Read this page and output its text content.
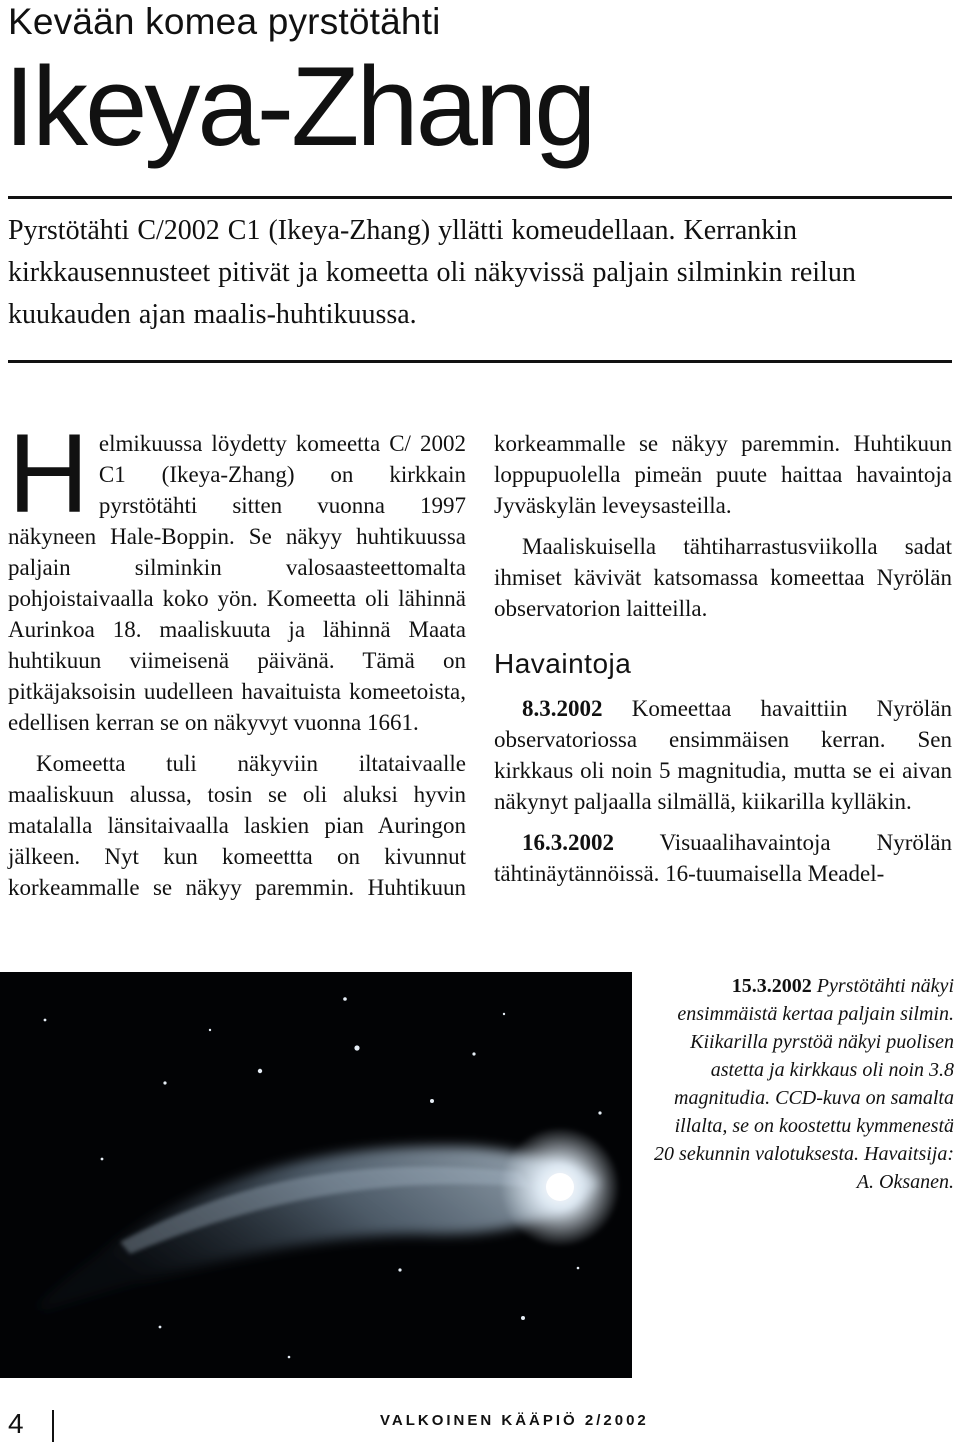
Kevään komea pyrstötähti
Ikeya-Zhang
Pyrstötähti C/2002 C1 (Ikeya-Zhang) yllätti komeudellaan. Kerrankin kirkkausennusteet pitivät ja komeetta oli näkyvissä paljain silminkin reilun kuukauden ajan maalis-huhtikuussa.

Helmikuussa löydetty komeetta C/ 2002 C1 (Ikeya-Zhang) on kirkkain pyrstötähti sitten vuonna 1997 näkyneen Hale-Boppin. Se näkyy huhtikuussa paljain silminkin valosaasteettomalta pohjoistaivaalla koko yön. Komeetta oli lähinnä Aurinkoa 18. maaliskuuta ja lähinnä Maata huhtikuun viimeisenä päivänä. Tämä on pitkäjaksoisin uudelleen havaituista komeetoista, edellisen kerran se on näkyvyt vuonna 1661.

Komeetta tuli näkyviin iltataivaalle maaliskuun alussa, tosin se oli aluksi hyvin matalalla länsitaivaalla laskien pian Auringon jälkeen. Nyt kun komeettta on kivunnut korkeammalle se näkyy paremmin. Huhtikuun

korkeammalle se näkyy paremmin. Huhtikuun loppupuolella pimeän puute haittaa havaintoja Jyväskylän leveysasteilla.

Maaliskuisella tähtiharrastusviikolla sadat ihmiset kävivät katsomassa komeettaa Nyrölän observatorion laitteilla.

Havaintoja

8.3.2002 Komeettaa havaittiin Nyrölän observatoriossa ensimmäisen kerran. Sen kirkkaus oli noin 5 magnitudia, mutta se ei aivan näkynyt paljaalla silmällä, kiikarilla kylläkin.

16.3.2002 Visuaalihavaintoja Nyrölän tähtinäytännöissä. 16-tuumaisella Meadel-

15.3.2002 Pyrstötähti näkyi ensimmäistä kertaa paljain silmin. Kiikarilla pyrstöä näkyi puolisen astetta ja kirkkaus oli noin 3.8 magnitudia. CCD-kuva on samalta illalta, se on koostettu kymmenestä 20 sekunnin valotuksesta. Havaitsija: A. Oksanen.
4	VALKOINEN KÄÄPIÖ 2/2002
